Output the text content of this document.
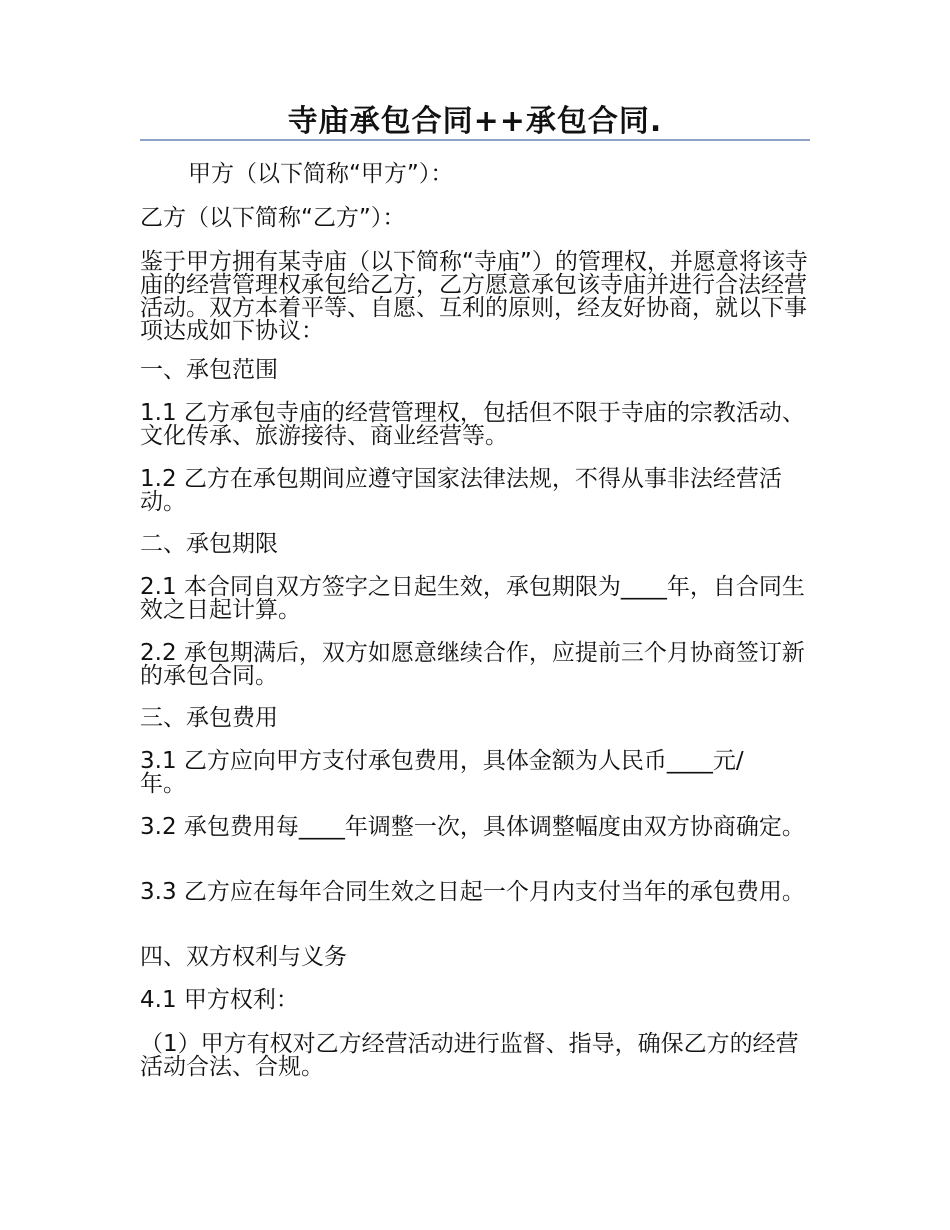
寺庙承包合同++承包合同.

甲方（以下简称“甲方”）：

乙方（以下简称“乙方”）：

鉴于甲方拥有某寺庙（以下简称“寺庙”）的管理权，并愿意将该寺庙的经营管理权承包给乙方，乙方愿意承包该寺庙并进行合法经营活动。双方本着平等、自愿、互利的原则，经友好协商，就以下事项达成如下协议：

一、承包范围

1.1 乙方承包寺庙的经营管理权，包括但不限于寺庙的宗教活动、文化传承、旅游接待、商业经营等。

1.2 乙方在承包期间应遵守国家法律法规，不得从事非法经营活动。

二、承包期限

2.1 本合同自双方签字之日起生效，承包期限为____年，自合同生效之日起计算。

2.2 承包期满后，双方如愿意继续合作，应提前三个月协商签订新的承包合同。

三、承包费用

3.1 乙方应向甲方支付承包费用，具体金额为人民币____元/年。

3.2 承包费用每____年调整一次，具体调整幅度由双方协商确定。

3.3 乙方应在每年合同生效之日起一个月内支付当年的承包费用。

四、双方权利与义务

4.1 甲方权利：

（1）甲方有权对乙方经营活动进行监督、指导，确保乙方的经营活动合法、合规。
